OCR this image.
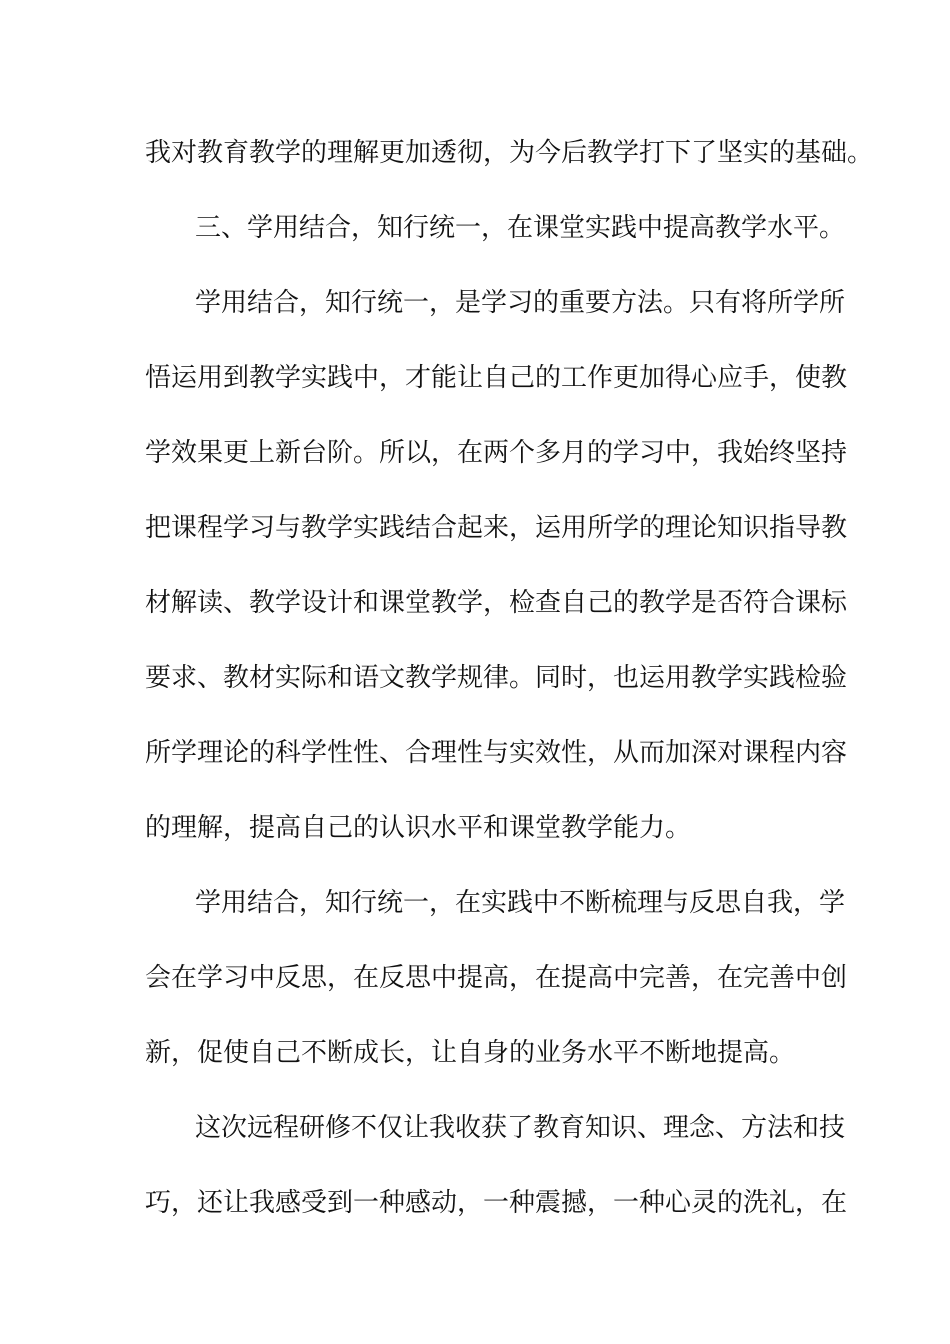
我对教育教学的理解更加透彻，为今后教学打下了坚实的基础。
三、学用结合，知行统一，在课堂实践中提高教学水平。
学用结合，知行统一，是学习的重要方法。只有将所学所
悟运用到教学实践中，才能让自己的工作更加得心应手，使教
学效果更上新台阶。所以，在两个多月的学习中，我始终坚持
把课程学习与教学实践结合起来，运用所学的理论知识指导教
材解读、教学设计和课堂教学，检查自己的教学是否符合课标
要求、教材实际和语文教学规律。同时，也运用教学实践检验
所学理论的科学性性、合理性与实效性，从而加深对课程内容
的理解，提高自己的认识水平和课堂教学能力。
学用结合，知行统一，在实践中不断梳理与反思自我，学
会在学习中反思，在反思中提高，在提高中完善，在完善中创
新，促使自己不断成长，让自身的业务水平不断地提高。
这次远程研修不仅让我收获了教育知识、理念、方法和技
巧，还让我感受到一种感动，一种震撼，一种心灵的洗礼，在
